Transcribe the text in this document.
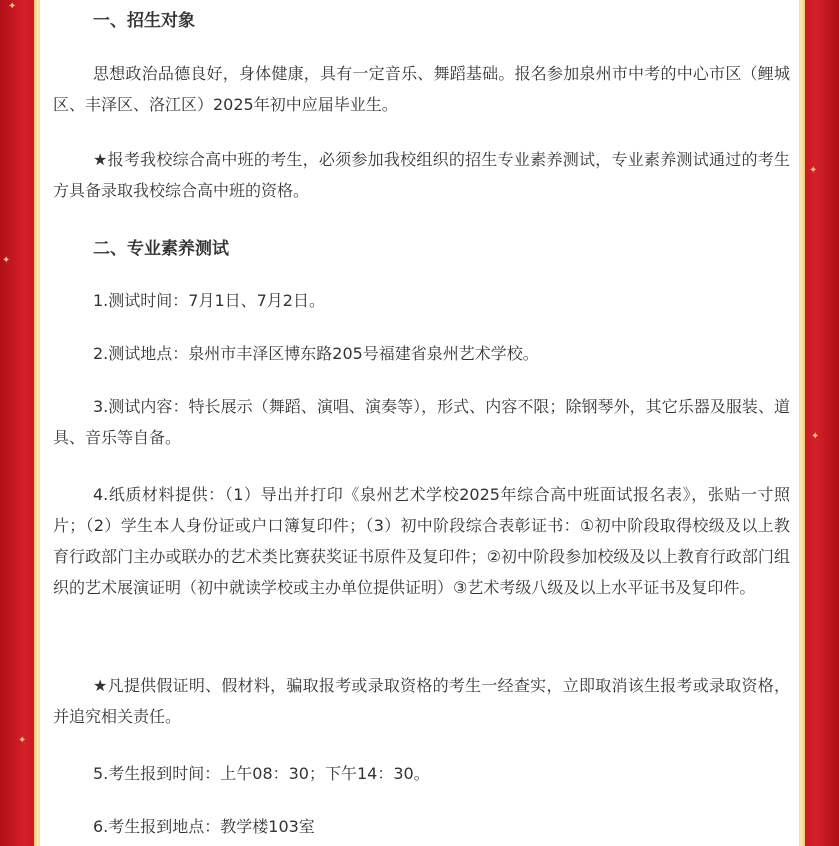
✦
✦
✦
✦
✦
一、招生对象

思想政治品德良好，身体健康，具有一定音乐、舞蹈基础。报名参加泉州市中考的中心市区（鲤城区、丰泽区、洛江区）2025年初中应届毕业生。

★报考我校综合高中班的考生，必须参加我校组织的招生专业素养测试，专业素养测试通过的考生方具备录取我校综合高中班的资格。

二、专业素养测试

1.测试时间：7月1日、7月2日。

2.测试地点：泉州市丰泽区博东路205号福建省泉州艺术学校。

3.测试内容：特长展示（舞蹈、演唱、演奏等），形式、内容不限；除钢琴外，其它乐器及服装、道具、音乐等自备。

4.纸质材料提供：（1）导出并打印《泉州艺术学校2025年综合高中班面试报名表》，张贴一寸照片；（2）学生本人身份证或户口簿复印件；（3）初中阶段综合表彰证书：①初中阶段取得校级及以上教育行政部门主办或联办的艺术类比赛获奖证书原件及复印件；②初中阶段参加校级及以上教育行政部门组织的艺术展演证明（初中就读学校或主办单位提供证明）③艺术考级八级及以上水平证书及复印件。

★凡提供假证明、假材料，骗取报考或录取资格的考生一经查实，立即取消该生报考或录取资格，并追究相关责任。

5.考生报到时间：上午08：30；下午14：30。

6.考生报到地点：教学楼103室
